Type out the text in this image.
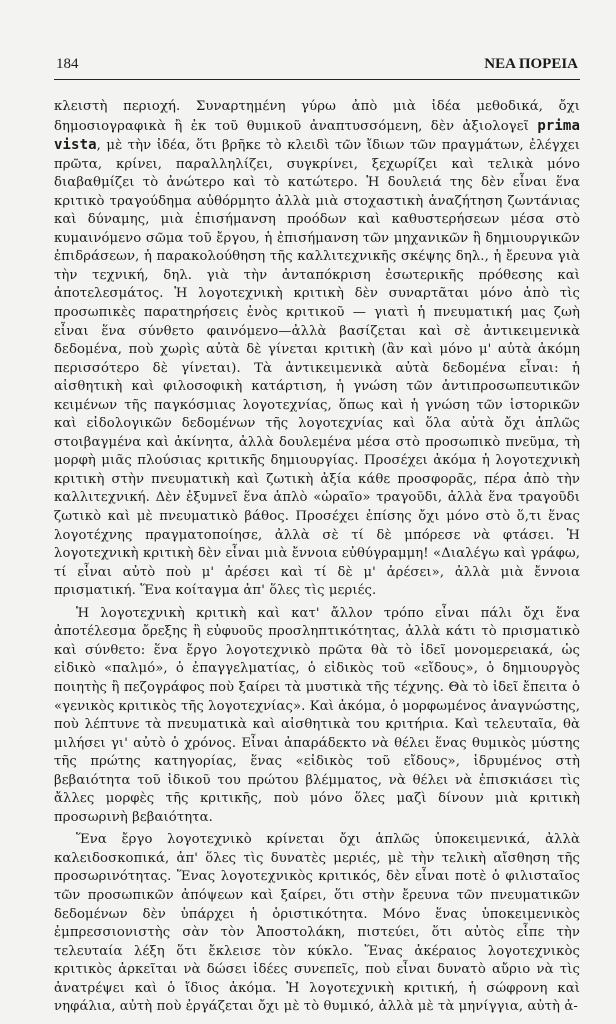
184	ΝΕΑ ΠΟΡΕΙΑ

κλειστὴ περιοχή. Συναρτημένη γύρω ἀπὸ μιὰ ἰδέα μεθοδικά, ὄχι δημοσιογραφικὰ ἢ ἐκ τοῦ θυμικοῦ ἀναπτυσσόμενη, δὲν ἀξιολογεῖ prima vista, μὲ τὴν ἰδέα, ὅτι βρῆκε τὸ κλειδὶ τῶν ἴδιων τῶν πραγμάτων, ἐλέγχει πρῶτα, κρίνει, παραλληλίζει, συγκρίνει, ξεχωρίζει καὶ τελικὰ μόνο διαβαθμίζει τὸ ἀνώτερο καὶ τὸ κατώτερο. Ἡ δουλειά της δὲν εἶναι ἕνα κριτικὸ τραγούδημα αὐθόρμητο ἀλλὰ μιὰ στοχαστικὴ ἀναζήτηση ζωντάνιας καὶ δύναμης, μιὰ ἐπισήμανση προόδων καὶ καθυστερήσεων μέσα στὸ κυμαινόμενο σῶμα τοῦ ἔργου, ἡ ἐπισήμανση τῶν μηχανικῶν ἢ δημιουργικῶν ἐπιδράσεων, ἡ παρακολούθηση τῆς καλλιτεχνικῆς σκέψης δηλ., ἡ ἔρευνα γιὰ τὴν τεχνική, δηλ. γιὰ τὴν ἀνταπόκριση ἐσωτερικῆς πρόθεσης καὶ ἀποτελεσμάτος. Ἡ λογοτεχνικὴ κριτικὴ δὲν συναρτᾶται μόνο ἀπὸ τὶς προσωπικὲς παρατηρήσεις ἑνὸς κριτικοῦ — γιατὶ ἡ πνευματική μας ζωὴ εἶναι ἕνα σύνθετο φαινόμενο—ἀλλὰ βασίζεται καὶ σὲ ἀντικειμενικὰ δεδομένα, ποὺ χωρὶς αὐτὰ δὲ γίνεται κριτικὴ (ἂν καὶ μόνο μ' αὐτὰ ἀκόμη περισσότερο δὲ γίνεται). Τὰ ἀντικειμενικὰ αὐτὰ δεδομένα εἶναι: ἡ αἰσθητικὴ καὶ φιλοσοφικὴ κατάρτιση, ἡ γνώση τῶν ἀντιπροσωπευτικῶν κειμένων τῆς παγκόσμιας λογοτεχνίας, ὅπως καὶ ἡ γνώση τῶν ἱστορικῶν καὶ εἰδολογικῶν δεδομένων τῆς λογοτεχνίας καὶ ὅλα αὐτὰ ὄχι ἁπλῶς στοιβαγμένα καὶ ἀκίνητα, ἀλλὰ δουλεμένα μέσα στὸ προσωπικὸ πνεῦμα, τὴ μορφὴ μιᾶς πλούσιας κριτικῆς δημιουργίας. Προσέχει ἀκόμα ἡ λογοτεχνικὴ κριτικὴ στὴν πνευματικὴ καὶ ζωτικὴ ἀξία κάθε προσφορᾶς, πέρα ἀπὸ τὴν καλλιτεχνική. Δὲν ἐξυμνεῖ ἕνα ἁπλὸ «ὡραῖο» τραγοῦδι, ἀλλὰ ἕνα τραγοῦδι ζωτικὸ καὶ μὲ πνευματικὸ βάθος. Προσέχει ἐπίσης ὄχι μόνο στὸ ὅ,τι ἕνας λογοτέχνης πραγματοποίησε, ἀλλὰ σὲ τί δὲ μπόρεσε νὰ φτάσει. Ἡ λογοτεχνικὴ κριτικὴ δὲν εἶναι μιὰ ἔννοια εὐθύγραμμη! «Διαλέγω καὶ γράφω, τί εἶναι αὐτὸ ποὺ μ' ἀρέσει καὶ τί δὲ μ' ἀρέσει», ἀλλὰ μιὰ ἔννοια πρισματική. Ἕνα κοίταγμα ἀπ' ὅλες τὶς μεριές.

Ἡ λογοτεχνικὴ κριτικὴ καὶ κατ' ἄλλον τρόπο εἶναι πάλι ὄχι ἕνα ἀποτέλεσμα ὄρεξης ἢ εὐφυοῦς προσληπτικότητας, ἀλλὰ κάτι τὸ πρισματικὸ καὶ σύνθετο: ἕνα ἔργο λογοτεχνικὸ πρῶτα θὰ τὸ ἰδεῖ μονομερειακά, ὡς εἰδικὸ «παλμό», ὁ ἐπαγγελματίας, ὁ εἰδικὸς τοῦ «εἴδους», ὁ δημιουργὸς ποιητὴς ἢ πεζογράφος ποὺ ξαίρει τὰ μυστικὰ τῆς τέχνης. Θὰ τὸ ἰδεῖ ἔπειτα ὁ «γενικὸς κριτικὸς τῆς λογοτεχνίας». Καὶ ἀκόμα, ὁ μορφωμένος ἀναγνώστης, ποὺ λέπτυνε τὰ πνευματικὰ καὶ αἰσθητικὰ του κριτήρια. Καὶ τελευταῖα, θὰ μιλήσει γι' αὐτὸ ὁ χρόνος. Εἶναι ἀπαράδεκτο νὰ θέλει ἕνας θυμικὸς μύστης τῆς πρώτης κατηγορίας, ἕνας «εἰδικὸς τοῦ εἴδους», ἱδρυμένος στὴ βεβαιότητα τοῦ ἰδικοῦ του πρώτου βλέμματος, νὰ θέλει νὰ ἐπισκιάσει τὶς ἄλλες μορφὲς τῆς κριτικῆς, ποὺ μόνο ὅλες μαζὶ δίνουν μιὰ κριτικὴ προσωρινὴ βεβαιότητα.

Ἕνα ἔργο λογοτεχνικὸ κρίνεται ὄχι ἁπλῶς ὑποκειμενικά, ἀλλὰ καλειδοσκοπικά, ἀπ' ὅλες τὶς δυνατὲς μεριές, μὲ τὴν τελικὴ αἴσθηση τῆς προσωρινότητας. Ἕνας λογοτεχνικὸς κριτικός, δὲν εἶναι ποτὲ ὁ φιλισταῖος τῶν προσωπικῶν ἀπόψεων καὶ ξαίρει, ὅτι στὴν ἔρευνα τῶν πνευματικῶν δεδομένων δὲν ὑπάρχει ἡ ὁριστικότητα. Μόνο ἕνας ὑποκειμενικὸς ἐμπρεσσιονιστὴς σὰν τὸν Ἀποστολάκη, πιστεύει, ὅτι αὐτὸς εἶπε τὴν τελευταία λέξη ὅτι ἔκλεισε τὸν κύκλο. Ἕνας ἀκέραιος λογοτεχνικὸς κριτικὸς ἀρκεῖται νὰ δώσει ἰδέες συνεπεῖς, ποὺ εἶναι δυνατὸ αὔριο νὰ τὶς ἀνατρέψει καὶ ὁ ἴδιος ἀκόμα. Ἡ λογοτεχνικὴ κριτική, ἡ σώφρονη καὶ νηφάλια, αὐτὴ ποὺ ἐργάζεται ὄχι μὲ τὸ θυμικό, ἀλλὰ μὲ τὰ μηνίγγια, αὐτὴ ἀ-
